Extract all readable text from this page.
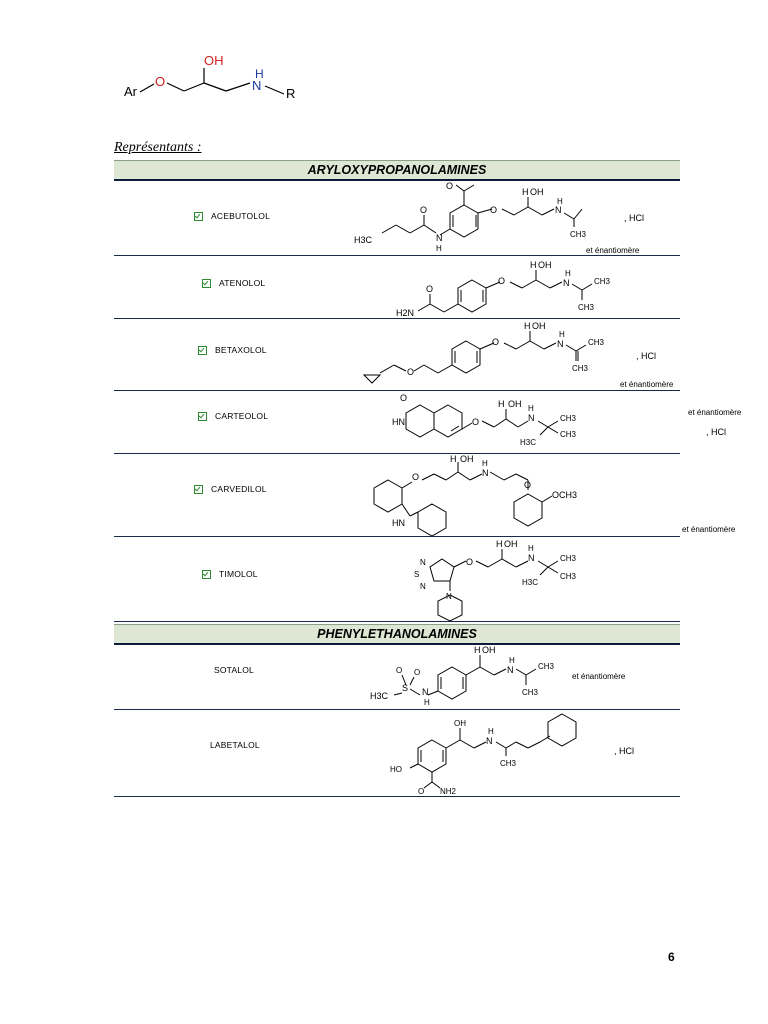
Ar
O
OH
H
N
R
Représentants :
ARYLOXYPROPANOLAMINES
ACEBUTOLOL
O
O
H OH
N
H
CH3
O
N
H
H3C
, HCl
et énantiomère
ATENOLOL	O
H OH
N
H
CH3
CH3
O
H2N
BETAXOLOL
O
H OH
N
H
CH3
CH3
O
, HCl
et énantiomère
CARTEOLOL
O
HN	O
H OH
N
H
CH3
CH3
H3C
et énantiomère
, HCl
CARVEDILOL
O
H OH
N
H
O
OCH3
HN
et énantiomère
TIMOLOL	S
N
N
O
H OH
N
H
CH3
CH3
H3C
N
PHENYLETHANOLAMINES
SOTALOL
H OH
N
H
CH3
CH3
S
O O
N
H
H3C
et énantiomère
LABETALOL
OH
N
H
CH3
HO
O NH2
, HCl
6
